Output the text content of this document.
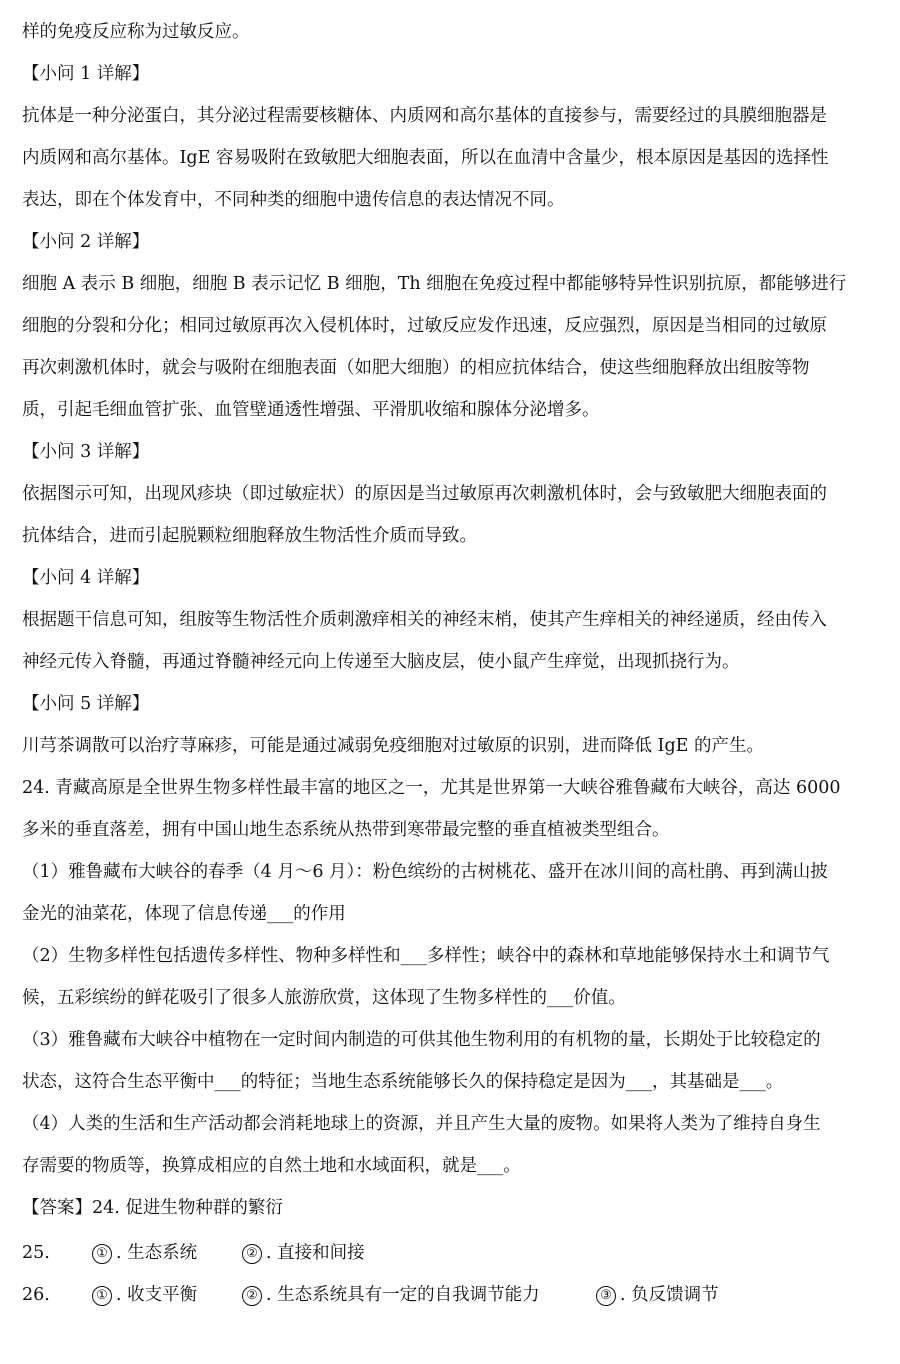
样的免疫反应称为过敏反应。
【小问 1 详解】
抗体是一种分泌蛋白，其分泌过程需要核糖体、内质网和高尔基体的直接参与，需要经过的具膜细胞器是
内质网和高尔基体。IgE 容易吸附在致敏肥大细胞表面，所以在血清中含量少，根本原因是基因的选择性
表达，即在个体发育中，不同种类的细胞中遗传信息的表达情况不同。
【小问 2 详解】
细胞 A 表示 B 细胞，细胞 B 表示记忆 B 细胞，Th 细胞在免疫过程中都能够特异性识别抗原，都能够进行
细胞的分裂和分化；相同过敏原再次入侵机体时，过敏反应发作迅速，反应强烈，原因是当相同的过敏原
再次刺激机体时，就会与吸附在细胞表面（如肥大细胞）的相应抗体结合，使这些细胞释放出组胺等物
质，引起毛细血管扩张、血管壁通透性增强、平滑肌收缩和腺体分泌增多。
【小问 3 详解】
依据图示可知，出现风疹块（即过敏症状）的原因是当过敏原再次刺激机体时，会与致敏肥大细胞表面的
抗体结合，进而引起脱颗粒细胞释放生物活性介质而导致。
【小问 4 详解】
根据题干信息可知，组胺等生物活性介质刺激痒相关的神经末梢，使其产生痒相关的神经递质，经由传入
神经元传入脊髓，再通过脊髓神经元向上传递至大脑皮层，使小鼠产生痒觉，出现抓挠行为。
【小问 5 详解】
川芎茶调散可以治疗荨麻疹，可能是通过减弱免疫细胞对过敏原的识别，进而降低 IgE 的产生。
24. 青藏高原是全世界生物多样性最丰富的地区之一，尤其是世界第一大峡谷雅鲁藏布大峡谷，高达 6000
多米的垂直落差，拥有中国山地生态系统从热带到寒带最完整的垂直植被类型组合。
（1）雅鲁藏布大峡谷的春季（4 月～6 月）：粉色缤纷的古树桃花、盛开在冰川间的高杜鹃、再到满山披
金光的油菜花，体现了信息传递___的作用
（2）生物多样性包括遗传多样性、物种多样性和___多样性；峡谷中的森林和草地能够保持水土和调节气
候，五彩缤纷的鲜花吸引了很多人旅游欣赏，这体现了生物多样性的___价值。
（3）雅鲁藏布大峡谷中植物在一定时间内制造的可供其他生物利用的有机物的量，长期处于比较稳定的
状态，这符合生态平衡中___的特征；当地生态系统能够长久的保持稳定是因为___，其基础是___。
（4）人类的生活和生产活动都会消耗地球上的资源，并且产生大量的废物。如果将人类为了维持自身生
存需要的物质等，换算成相应的自然土地和水域面积，就是___。
【答案】24. 促进生物种群的繁衍
25.	① . 生态系统	② . 直接和间接
26.	① . 收支平衡	② . 生态系统具有一定的自我调节能力	③ . 负反馈调节
